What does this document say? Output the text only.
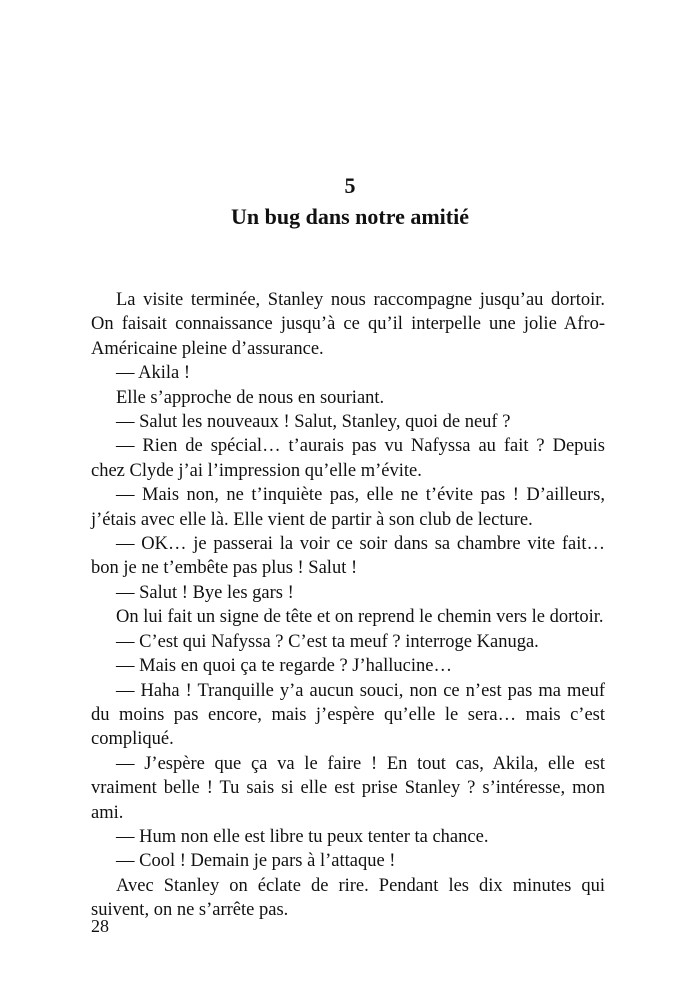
5
Un bug dans notre amitié

La visite terminée, Stanley nous raccompagne jusqu’au dortoir. On faisait connaissance jusqu’à ce qu’il interpelle une jolie Afro-Américaine pleine d’assurance.

— Akila !

Elle s’approche de nous en souriant.

— Salut les nouveaux ! Salut, Stanley, quoi de neuf ?

— Rien de spécial… t’aurais pas vu Nafyssa au fait ? Depuis chez Clyde j’ai l’impression qu’elle m’évite.

— Mais non, ne t’inquiète pas, elle ne t’évite pas ! D’ailleurs, j’étais avec elle là. Elle vient de partir à son club de lecture.

— OK… je passerai la voir ce soir dans sa chambre vite fait… bon je ne t’embête pas plus ! Salut !

— Salut ! Bye les gars !

On lui fait un signe de tête et on reprend le chemin vers le dortoir.

— C’est qui Nafyssa ? C’est ta meuf ? interroge Kanuga.

— Mais en quoi ça te regarde ? J’hallucine…

— Haha ! Tranquille y’a aucun souci, non ce n’est pas ma meuf du moins pas encore, mais j’espère qu’elle le sera… mais c’est compliqué.

— J’espère que ça va le faire ! En tout cas, Akila, elle est vraiment belle ! Tu sais si elle est prise Stanley ? s’intéresse, mon ami.

— Hum non elle est libre tu peux tenter ta chance.

— Cool ! Demain je pars à l’attaque !

Avec Stanley on éclate de rire. Pendant les dix minutes qui suivent, on ne s’arrête pas.

28
